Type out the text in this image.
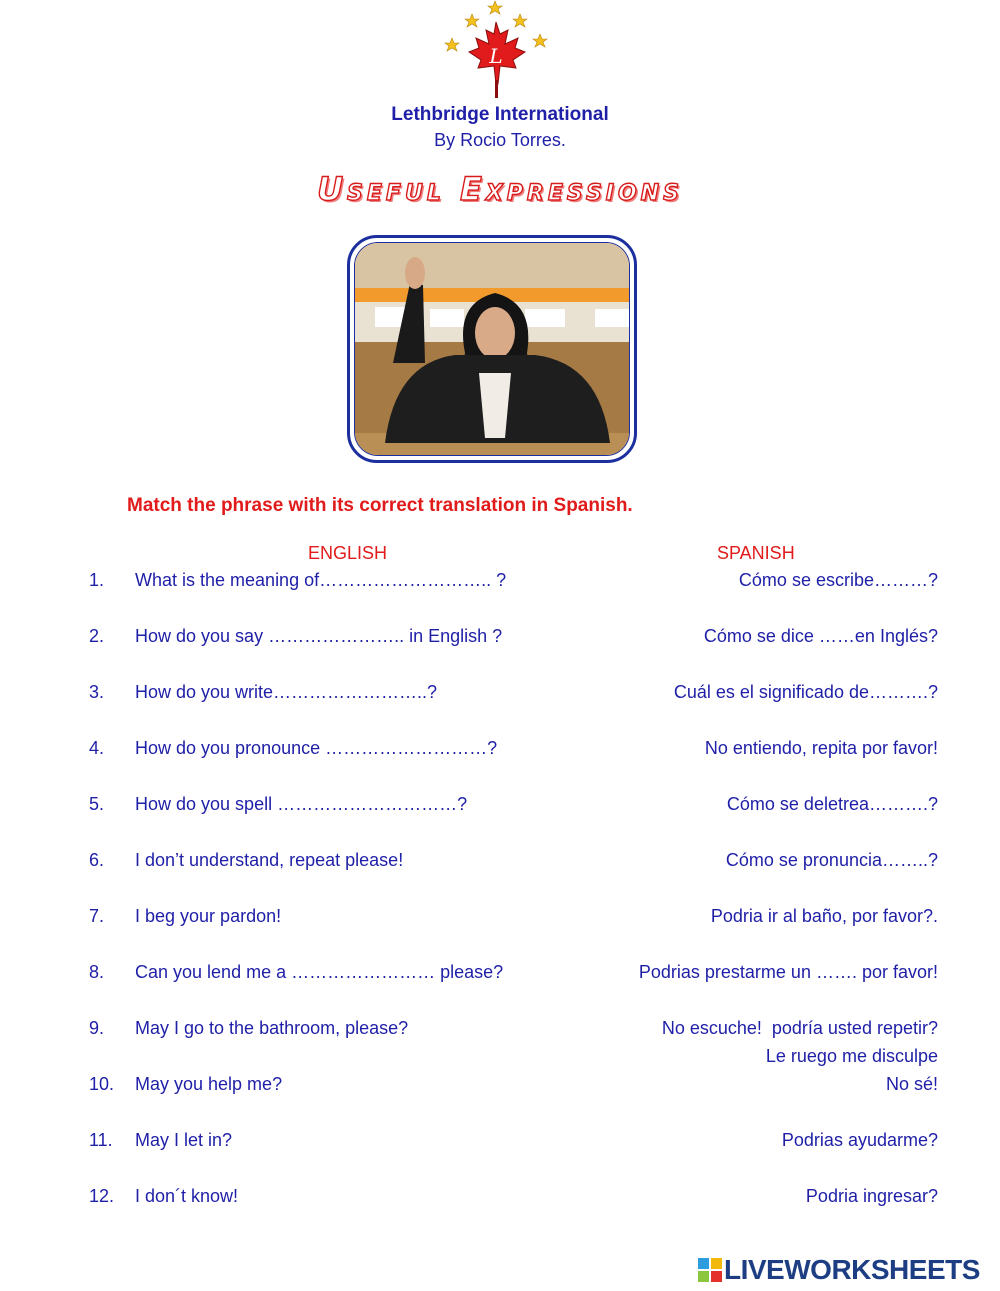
L
Lethbridge International
By Rocio Torres.
Useful Expressions
Match the phrase with its correct translation in Spanish.
ENGLISH	SPANISH
1. What is the meaning of……………………….. ?	Cómo se escribe………?
2. How do you say ………………….. in English ?	Cómo se dice ……en Inglés?
3. How do you write……………………..?	Cuál es el significado de……….?
4. How do you pronounce ………………………?	No entiendo, repita por favor!
5. How do you spell …………………………?	Cómo se deletrea……….?
6. I don’t understand, repeat please!	Cómo se pronuncia……..?
7. I beg your pardon!	Podria ir al baño, por favor?.
8. Can you lend me a …………………… please?	Podrias prestarme un ……. por favor!
9. May I go to the bathroom, please?	No escuche!  podría usted repetir?
Le ruego me disculpe
10. May you help me?	No sé!
11. May I let in?	Podrias ayudarme?
12. I don´t know!	Podria ingresar?
LIVEWORKSHEETS
